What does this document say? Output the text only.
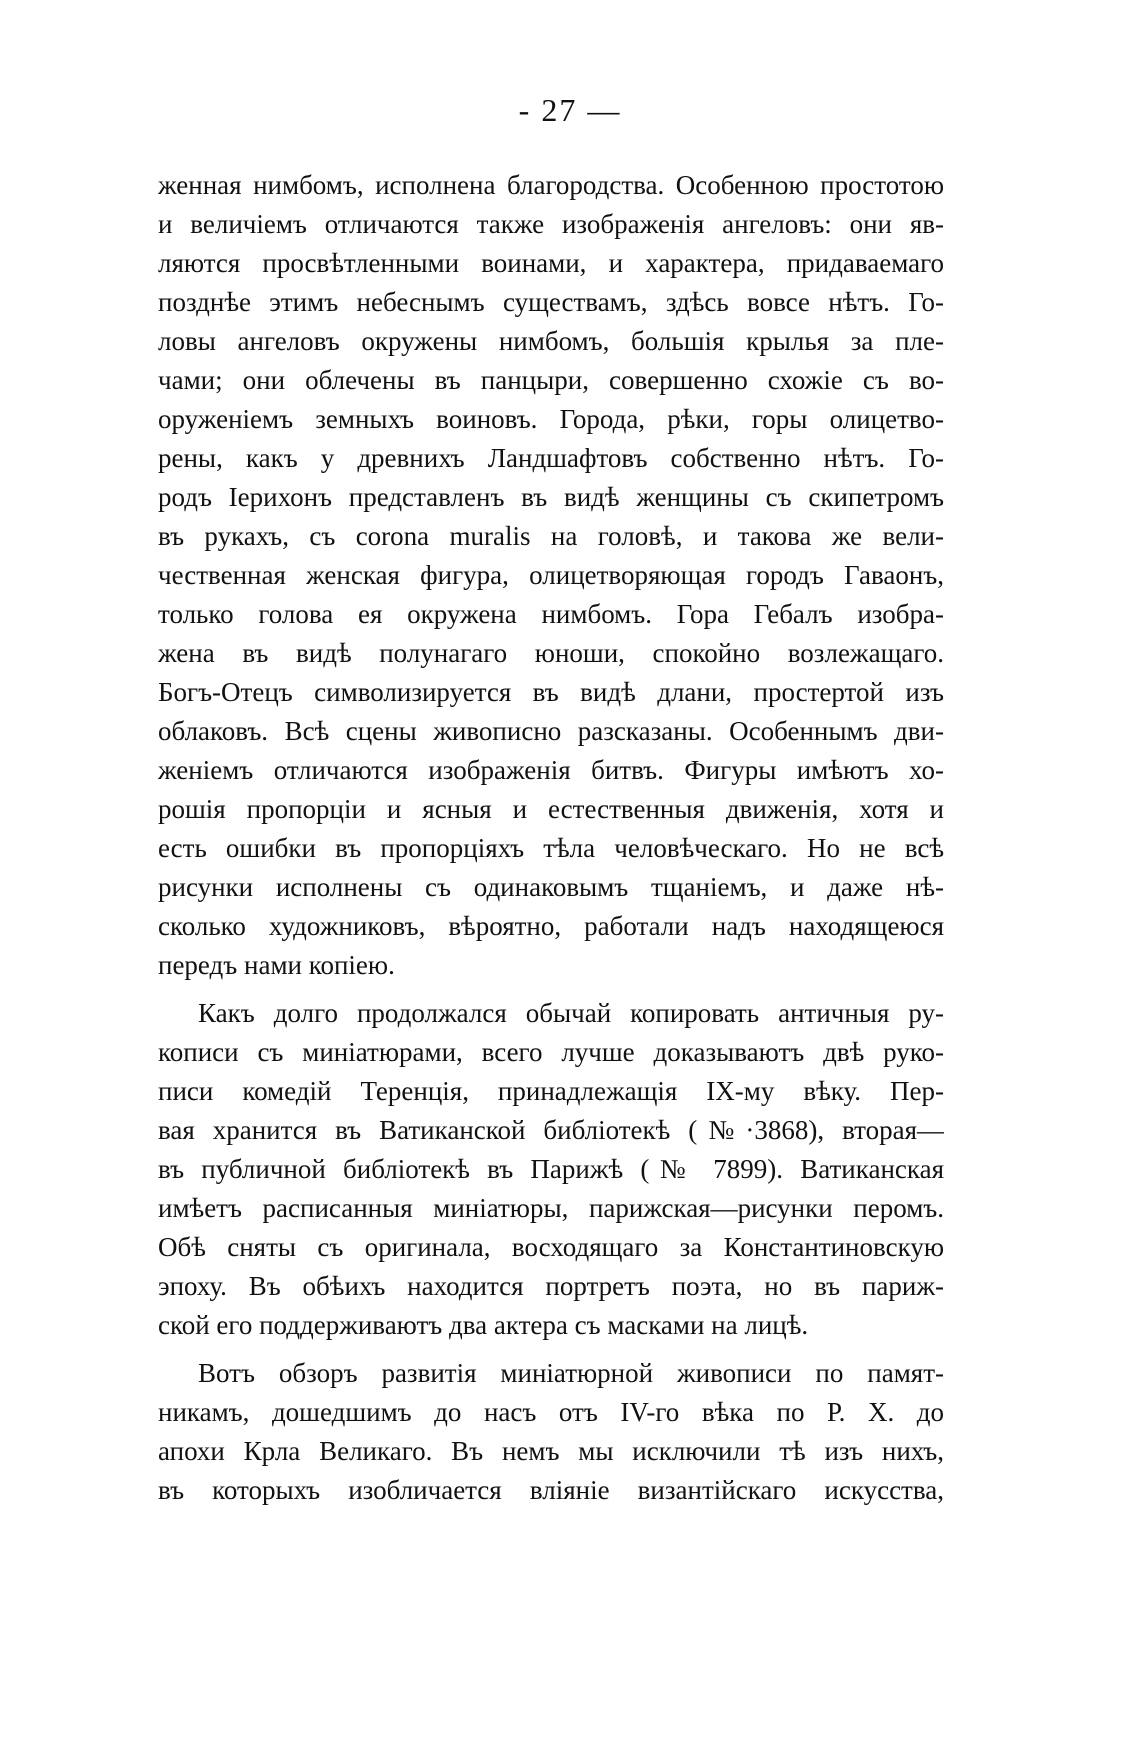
- 27 —

женная нимбомъ, исполнена благородства. Особенною простотою
и величіемъ отличаются также изображенія ангеловъ: они яв-
ляются просвѣтленными воинами, и характера, придаваемаго
позднѣе этимъ небеснымъ существамъ, здѣсь вовсе нѣтъ. Го-
ловы ангеловъ окружены нимбомъ, большія крылья за пле-
чами; они облечены въ панцыри, совершенно схожіе съ во-
оруженіемъ земныхъ воиновъ. Города, рѣки, горы олицетво-
рены, какъ у древнихъ Ландшафтовъ собственно нѣтъ. Го-
родъ Іерихонъ представленъ въ видѣ женщины съ скипетромъ
въ рукахъ, съ corona muralis на головѣ, и такова же вели-
чественная женская фигура, олицетворяющая городъ Гаваонъ,
только голова ея окружена нимбомъ. Гора Гебалъ изобра-
жена въ видѣ полунагаго юноши, спокойно возлежащаго.
Богъ-Отецъ символизируется въ видѣ длани, простертой изъ
облаковъ. Всѣ сцены живописно разсказаны. Особеннымъ дви-
женіемъ отличаются изображенія битвъ. Фигуры имѣютъ хо-
рошія пропорціи и ясныя и естественныя движенія, хотя и
есть ошибки въ пропорціяхъ тѣла человѣческаго. Но не всѣ
рисунки исполнены съ одинаковымъ тщаніемъ, и даже нѣ-
сколько художниковъ, вѣроятно, работали надъ находящеюся
передъ нами копіею.
Какъ долго продолжался обычай копировать античныя ру-
кописи съ миніатюрами, всего лучше доказываютъ двѣ руко-
писи комедій Теренція, принадлежащія IX-му вѣку. Пер-
вая хранится въ Ватиканской библіотекѣ (№·3868), вторая—
въ публичной библіотекѣ въ Парижѣ (№ 7899). Ватиканская
имѣетъ расписанныя миніатюры, парижская—рисунки перомъ.
Обѣ сняты съ оригинала, восходящаго за Константиновскую
эпоху. Въ обѣихъ находится портретъ поэта, но въ париж-
ской его поддерживаютъ два актера съ масками на лицѣ.
Вотъ обзоръ развитія миніатюрной живописи по памят-
никамъ, дошедшимъ до насъ отъ IV-го вѣка по Р. Х. до
апохи Крла Великаго. Въ немъ мы исключили тѣ изъ нихъ,
въ которыхъ изобличается вліяніе византійскаго искусства,
